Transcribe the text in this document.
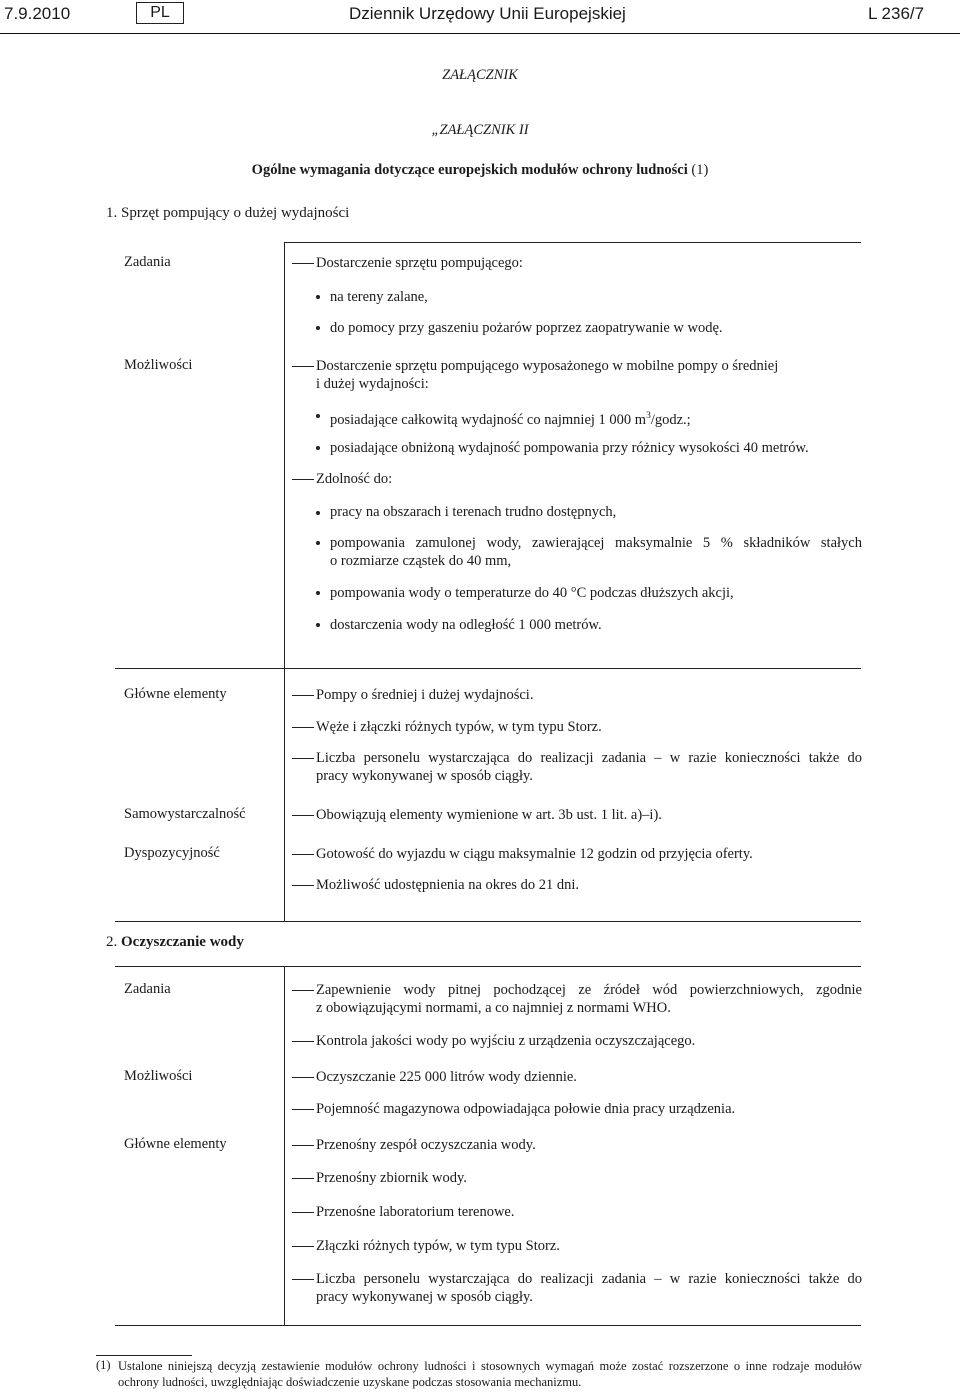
7.9.2010	PL	Dziennik Urzędowy Unii Europejskiej	L 236/7
ZAŁĄCZNIK
„ZAŁĄCZNIK II
Ogólne wymagania dotyczące europejskich modułów ochrony ludności (1)
1. Sprzęt pompujący o dużej wydajności
Zadania	Dostarczenie sprzętu pompującego:
na tereny zalane,
do pomocy przy gaszeniu pożarów poprzez zaopatrywanie w wodę.
Możliwości	Dostarczenie sprzętu pompującego wyposażonego w mobilne pompy o średniej
i dużej wydajności:
posiadające całkowitą wydajność co najmniej 1 000 $m^3$/godz.;
posiadające obniżoną wydajność pompowania przy różnicy wysokości 40 metrów.
Zdolność do:
pracy na obszarach i terenach trudno dostępnych,
pompowania zamulonej wody, zawierającej maksymalnie 5 % składników stałych
o rozmiarze cząstek do 40 mm,
pompowania wody o temperaturze do 40 °C podczas dłuższych akcji,
dostarczenia wody na odległość 1 000 metrów.
Główne elementy	Pompy o średniej i dużej wydajności.
Węże i złączki różnych typów, w tym typu Storz.
Liczba personelu wystarczająca do realizacji zadania – w razie konieczności także do
pracy wykonywanej w sposób ciągły.
Samowystarczalność	Obowiązują elementy wymienione w art. 3b ust. 1 lit. a)–i).
Dyspozycyjność	Gotowość do wyjazdu w ciągu maksymalnie 12 godzin od przyjęcia oferty.
Możliwość udostępnienia na okres do 21 dni.
2. Oczyszczanie wody
Zadania	Zapewnienie wody pitnej pochodzącej ze źródeł wód powierzchniowych, zgodnie
z obowiązującymi normami, a co najmniej z normami WHO.
Kontrola jakości wody po wyjściu z urządzenia oczyszczającego.
Możliwości	Oczyszczanie 225 000 litrów wody dziennie.
Pojemność magazynowa odpowiadająca połowie dnia pracy urządzenia.
Główne elementy	Przenośny zespół oczyszczania wody.
Przenośny zbiornik wody.
Przenośne laboratorium terenowe.
Złączki różnych typów, w tym typu Storz.
Liczba personelu wystarczająca do realizacji zadania – w razie konieczności także do
pracy wykonywanej w sposób ciągły.
(1) Ustalone niniejszą decyzją zestawienie modułów ochrony ludności i stosownych wymagań może zostać rozszerzone o inne rodzaje modułów ochrony ludności, uwzględniając doświadczenie uzyskane podczas stosowania mechanizmu.
